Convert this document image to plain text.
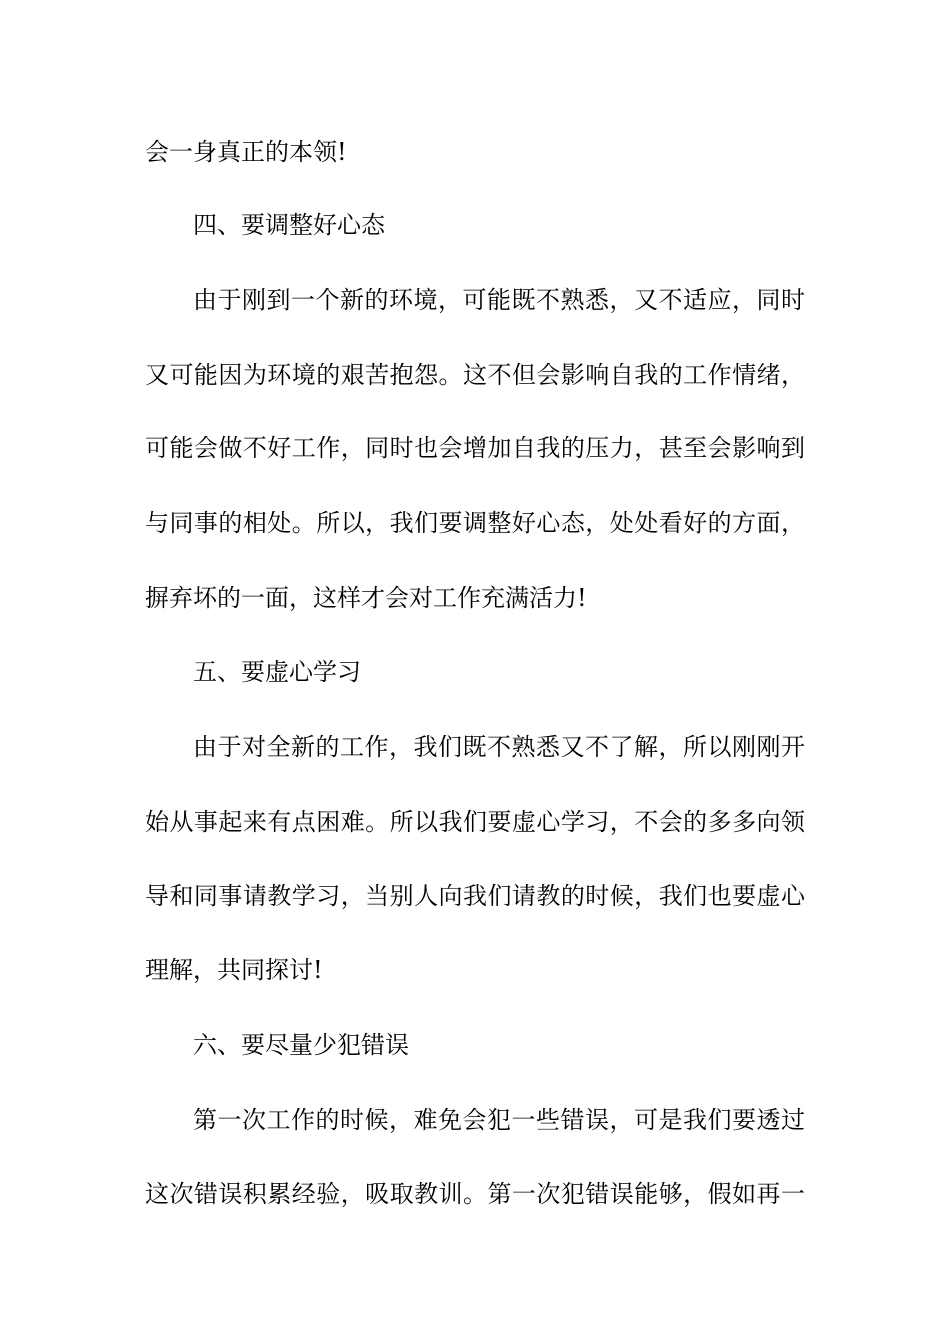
会一身真正的本领!
四、要调整好心态
由于刚到一个新的环境，可能既不熟悉，又不适应，同时
又可能因为环境的艰苦抱怨。这不但会影响自我的工作情绪，
可能会做不好工作，同时也会增加自我的压力，甚至会影响到
与同事的相处。所以，我们要调整好心态，处处看好的方面，
摒弃坏的一面，这样才会对工作充满活力!
五、要虚心学习
由于对全新的工作，我们既不熟悉又不了解，所以刚刚开
始从事起来有点困难。所以我们要虚心学习，不会的多多向领
导和同事请教学习，当别人向我们请教的时候，我们也要虚心
理解，共同探讨!
六、要尽量少犯错误
第一次工作的时候，难免会犯一些错误，可是我们要透过
这次错误积累经验，吸取教训。第一次犯错误能够，假如再一
